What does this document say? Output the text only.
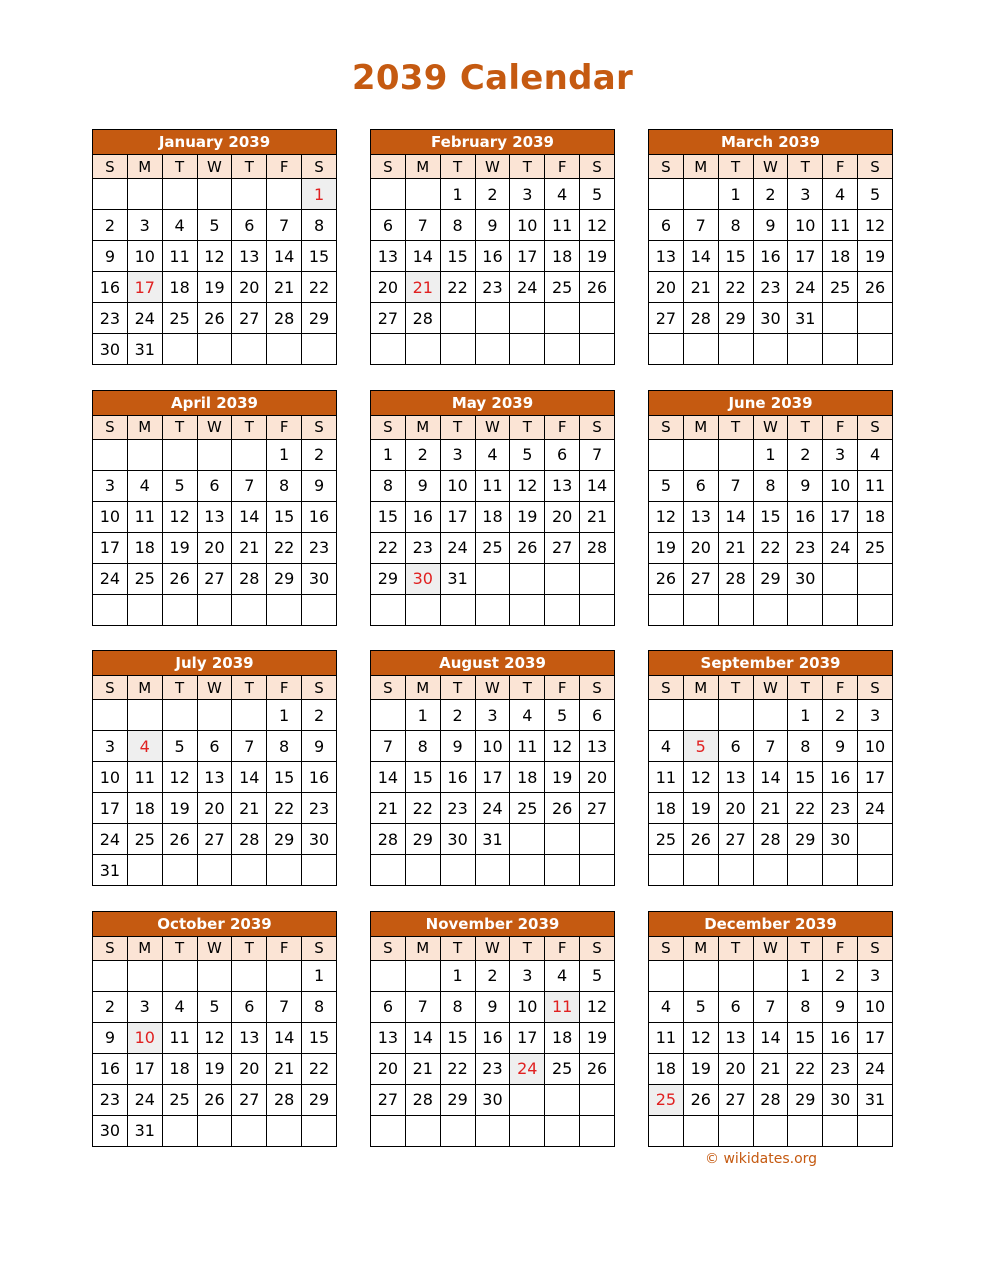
2039 Calendar
January 2039						
S	M	T	W	T	F	S
						1
2	3	4	5	6	7	8
9	10	11	12	13	14	15
16	17	18	19	20	21	22
23	24	25	26	27	28	29
30	31					
February 2039						
S	M	T	W	T	F	S
		1	2	3	4	5
6	7	8	9	10	11	12
13	14	15	16	17	18	19
20	21	22	23	24	25	26
27	28					

March 2039						
S	M	T	W	T	F	S
		1	2	3	4	5
6	7	8	9	10	11	12
13	14	15	16	17	18	19
20	21	22	23	24	25	26
27	28	29	30	31		

April 2039						
S	M	T	W	T	F	S
					1	2
3	4	5	6	7	8	9
10	11	12	13	14	15	16
17	18	19	20	21	22	23
24	25	26	27	28	29	30

May 2039						
S	M	T	W	T	F	S
1	2	3	4	5	6	7
8	9	10	11	12	13	14
15	16	17	18	19	20	21
22	23	24	25	26	27	28
29	30	31				

June 2039						
S	M	T	W	T	F	S
			1	2	3	4
5	6	7	8	9	10	11
12	13	14	15	16	17	18
19	20	21	22	23	24	25
26	27	28	29	30		

July 2039						
S	M	T	W	T	F	S
					1	2
3	4	5	6	7	8	9
10	11	12	13	14	15	16
17	18	19	20	21	22	23
24	25	26	27	28	29	30
31						
August 2039						
S	M	T	W	T	F	S
	1	2	3	4	5	6
7	8	9	10	11	12	13
14	15	16	17	18	19	20
21	22	23	24	25	26	27
28	29	30	31			

September 2039						
S	M	T	W	T	F	S
				1	2	3
4	5	6	7	8	9	10
11	12	13	14	15	16	17
18	19	20	21	22	23	24
25	26	27	28	29	30	

October 2039						
S	M	T	W	T	F	S
						1
2	3	4	5	6	7	8
9	10	11	12	13	14	15
16	17	18	19	20	21	22
23	24	25	26	27	28	29
30	31					
November 2039						
S	M	T	W	T	F	S
		1	2	3	4	5
6	7	8	9	10	11	12
13	14	15	16	17	18	19
20	21	22	23	24	25	26
27	28	29	30			

December 2039						
S	M	T	W	T	F	S
				1	2	3
4	5	6	7	8	9	10
11	12	13	14	15	16	17
18	19	20	21	22	23	24
25	26	27	28	29	30	31

© wikidates.org
